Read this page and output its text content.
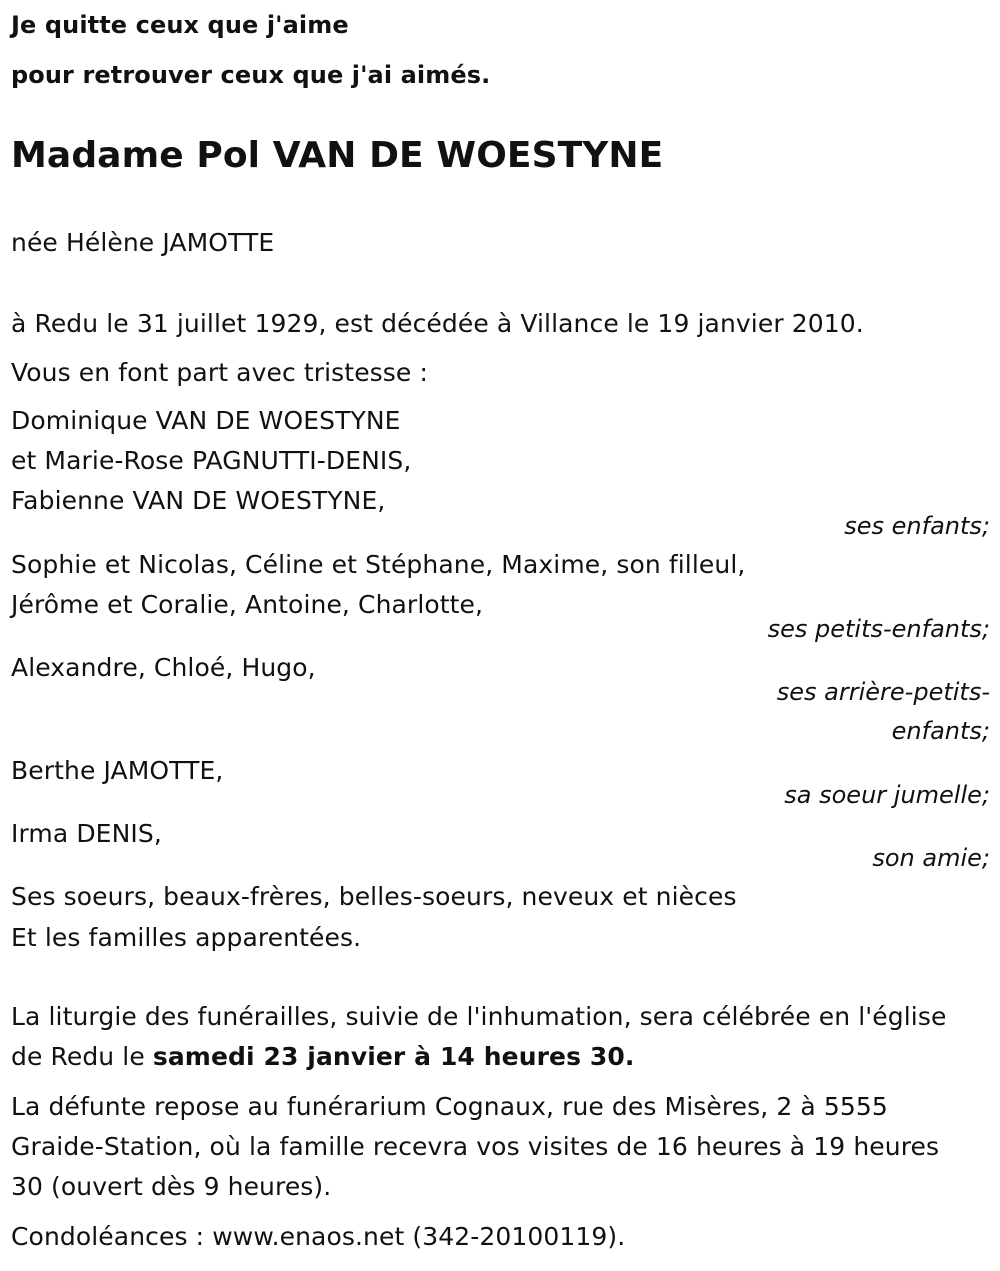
Je quitte ceux que j'aime
pour retrouver ceux que j'ai aimés.
Madame Pol VAN DE WOESTYNE
née Hélène JAMOTTE
à Redu le 31 juillet 1929, est décédée à Villance le 19 janvier 2010.
Vous en font part avec tristesse :
Dominique VAN DE WOESTYNE
et Marie-Rose PAGNUTTI-DENIS,
Fabienne VAN DE WOESTYNE,
ses enfants;
Sophie et Nicolas, Céline et Stéphane, Maxime, son filleul,
Jérôme et Coralie, Antoine, Charlotte,
ses petits-enfants;
Alexandre, Chloé, Hugo,
ses arrière-petits-
enfants;
Berthe JAMOTTE,
sa soeur jumelle;
Irma DENIS,
son amie;
Ses soeurs, beaux-frères, belles-soeurs, neveux et nièces
Et les familles apparentées.
La liturgie des funérailles, suivie de l'inhumation, sera célébrée en l'église
de Redu le samedi 23 janvier à 14 heures 30.
La défunte repose au funérarium Cognaux, rue des Misères, 2 à 5555
Graide-Station, où la famille recevra vos visites de 16 heures à 19 heures
30 (ouvert dès 9 heures).
Condoléances : www.enaos.net (342-20100119).
